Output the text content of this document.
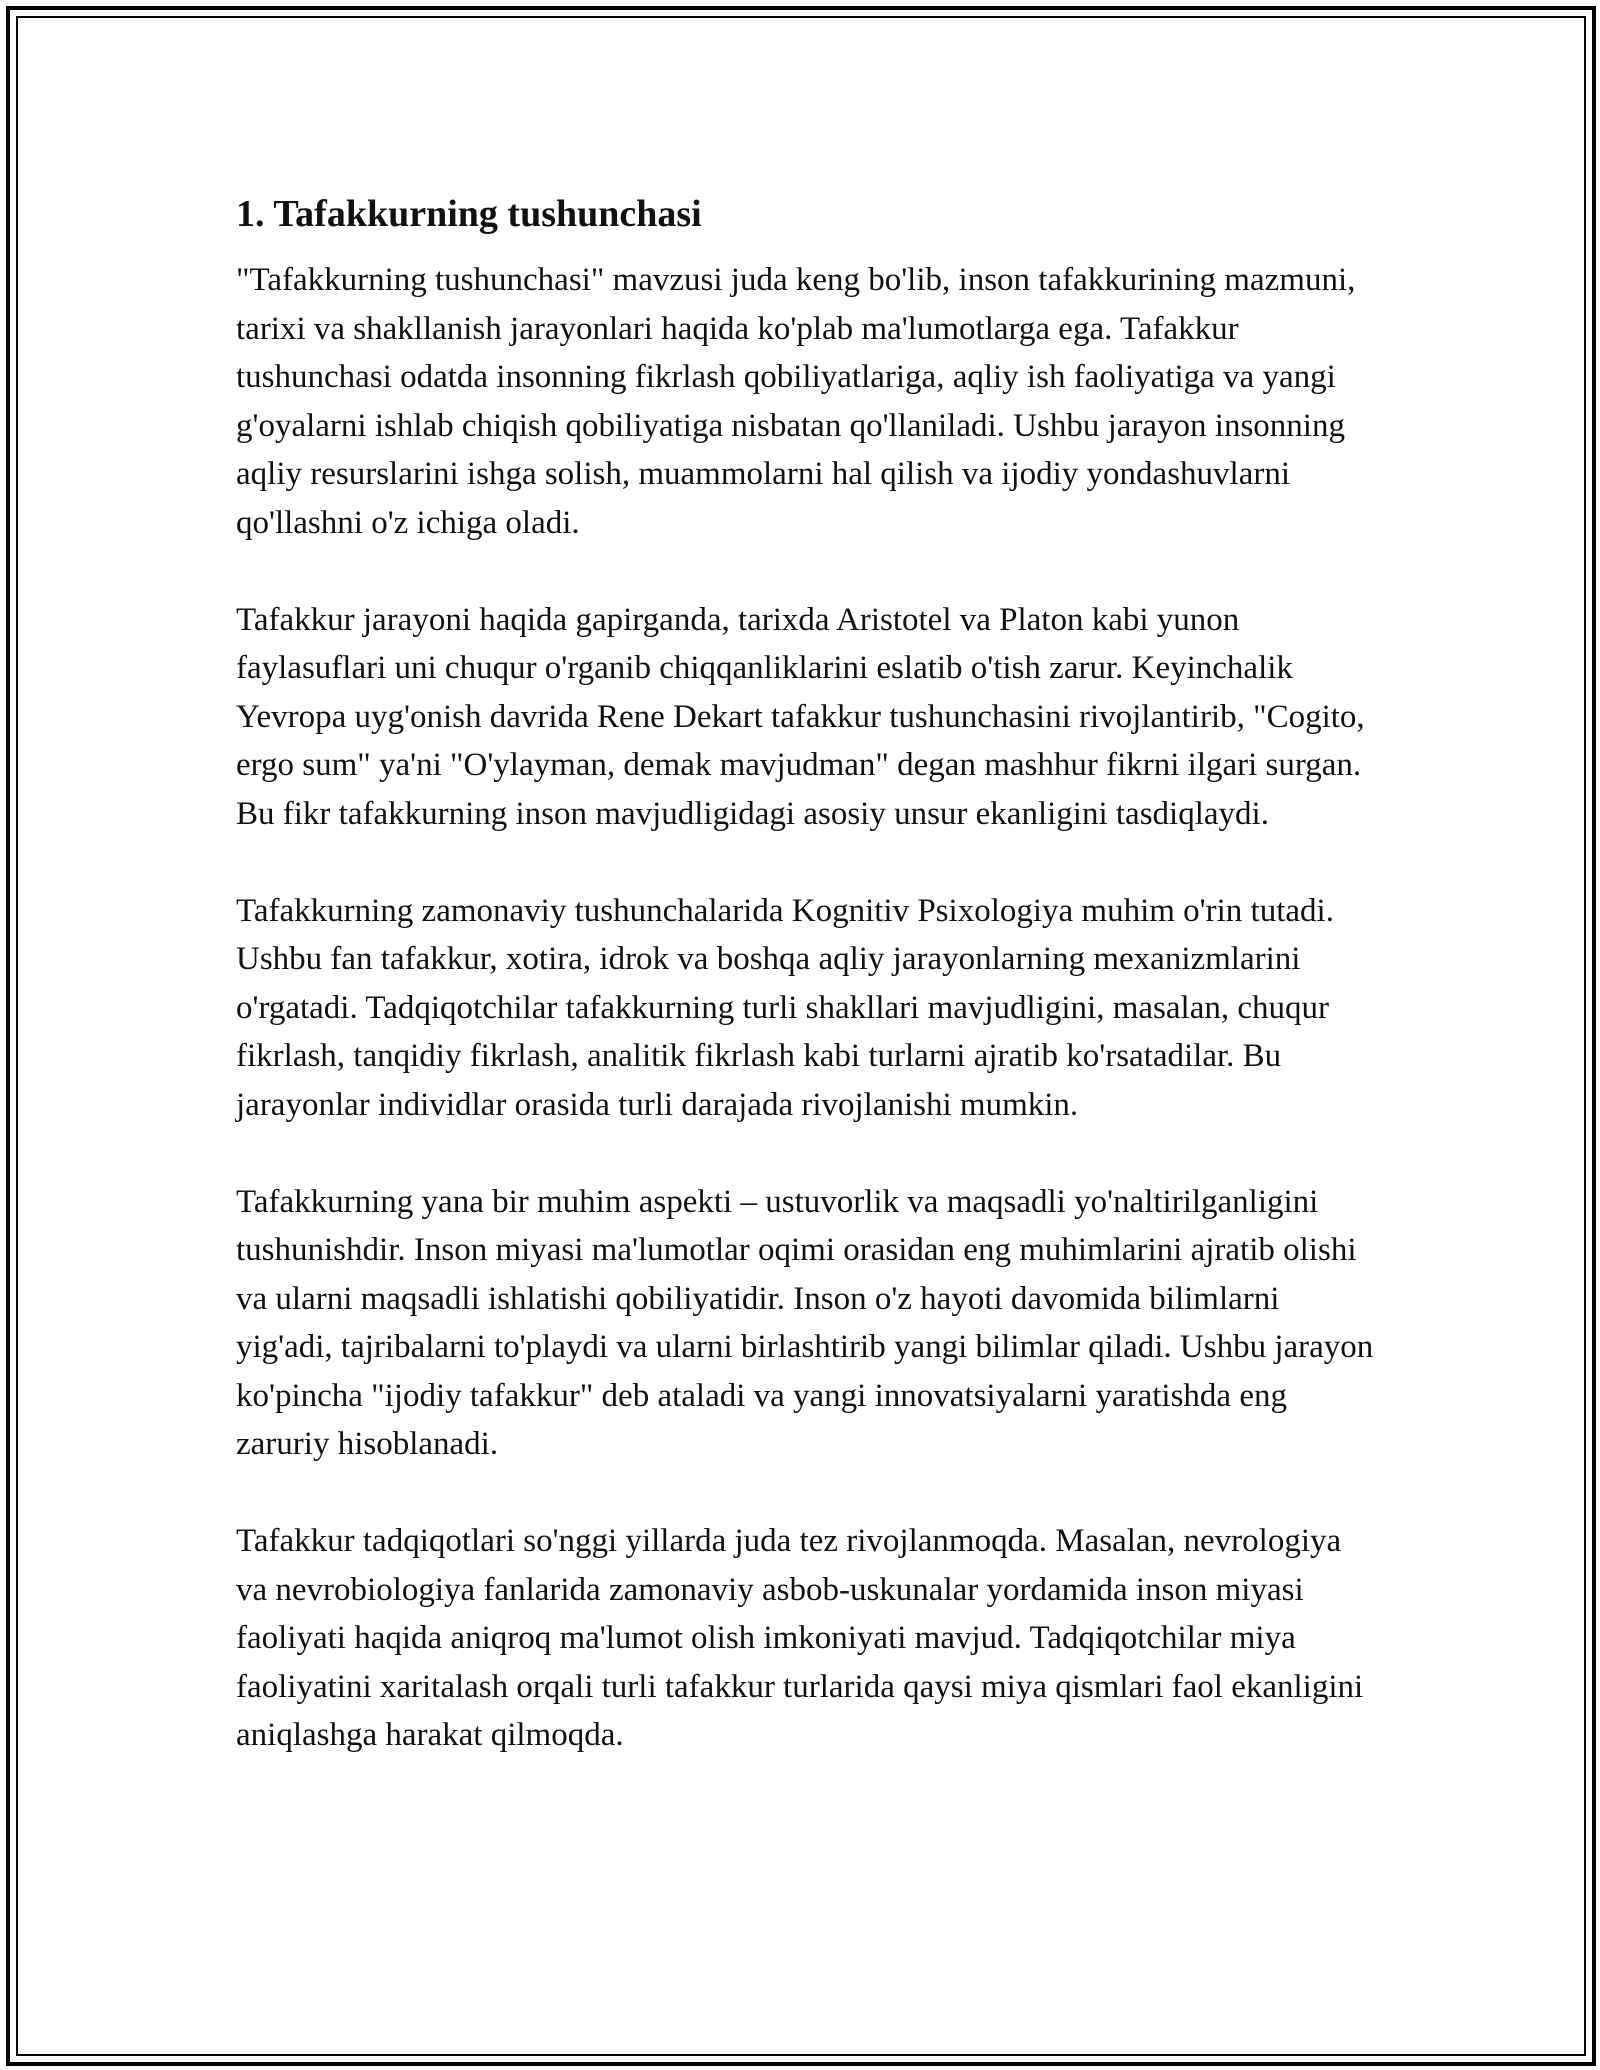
1. Tafakkurning tushunchasi

"Tafakkurning tushunchasi" mavzusi juda keng bo'lib, inson tafakkurining mazmuni, tarixi va shakllanish jarayonlari haqida ko'plab ma'lumotlarga ega. Tafakkur tushunchasi odatda insonning fikrlash qobiliyatlariga, aqliy ish faoliyatiga va yangi g'oyalarni ishlab chiqish qobiliyatiga nisbatan qo'llaniladi. Ushbu jarayon insonning aqliy resurslarini ishga solish, muammolarni hal qilish va ijodiy yondashuvlarni qo'llashni o'z ichiga oladi.

Tafakkur jarayoni haqida gapirganda, tarixda Aristotel va Platon kabi yunon faylasuflari uni chuqur o'rganib chiqqanliklarini eslatib o'tish zarur. Keyinchalik Yevropa uyg'onish davrida Rene Dekart tafakkur tushunchasini rivojlantirib, "Cogito, ergo sum" ya'ni "O'ylayman, demak mavjudman" degan mashhur fikrni ilgari surgan. Bu fikr tafakkurning inson mavjudligidagi asosiy unsur ekanligini tasdiqlaydi.

Tafakkurning zamonaviy tushunchalarida Kognitiv Psixologiya muhim o'rin tutadi. Ushbu fan tafakkur, xotira, idrok va boshqa aqliy jarayonlarning mexanizmlarini o'rgatadi. Tadqiqotchilar tafakkurning turli shakllari mavjudligini, masalan, chuqur fikrlash, tanqidiy fikrlash, analitik fikrlash kabi turlarni ajratib ko'rsatadilar. Bu jarayonlar individlar orasida turli darajada rivojlanishi mumkin.

Tafakkurning yana bir muhim aspekti – ustuvorlik va maqsadli yo'naltirilganligini tushunishdir. Inson miyasi ma'lumotlar oqimi orasidan eng muhimlarini ajratib olishi va ularni maqsadli ishlatishi qobiliyatidir. Inson o'z hayoti davomida bilimlarni yig'adi, tajribalarni to'playdi va ularni birlashtirib yangi bilimlar qiladi. Ushbu jarayon ko'pincha "ijodiy tafakkur" deb ataladi va yangi innovatsiyalarni yaratishda eng zaruriy hisoblanadi.

Tafakkur tadqiqotlari so'nggi yillarda juda tez rivojlanmoqda. Masalan, nevrologiya va nevrobiologiya fanlarida zamonaviy asbob-uskunalar yordamida inson miyasi faoliyati haqida aniqroq ma'lumot olish imkoniyati mavjud. Tadqiqotchilar miya faoliyatini xaritalash orqali turli tafakkur turlarida qaysi miya qismlari faol ekanligini aniqlashga harakat qilmoqda.
